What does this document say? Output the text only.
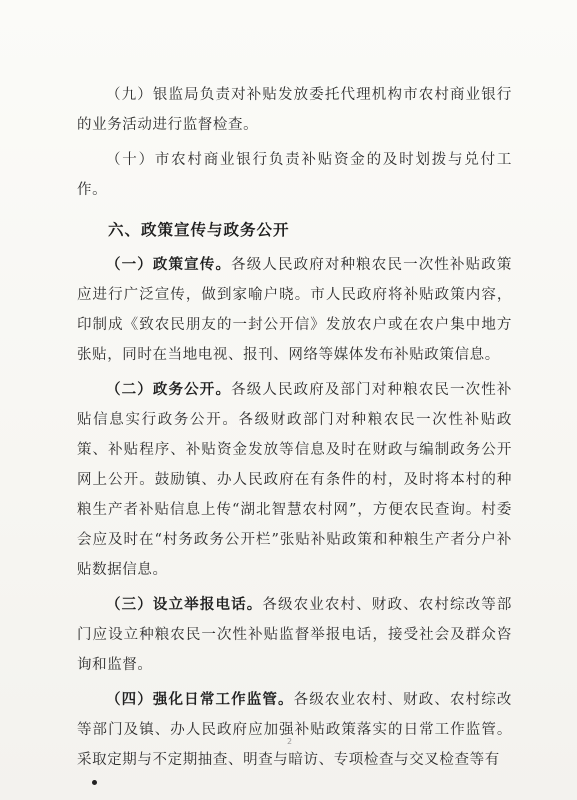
（九）银监局负责对补贴发放委托代理机构市农村商业银行的业务活动进行监督检查。

（十）市农村商业银行负责补贴资金的及时划拨与兑付工作。

六、政策宣传与政务公开

（一）政策宣传。各级人民政府对种粮农民一次性补贴政策应进行广泛宣传，做到家喻户晓。市人民政府将补贴政策内容，印制成《致农民朋友的一封公开信》发放农户或在农户集中地方张贴，同时在当地电视、报刊、网络等媒体发布补贴政策信息。

（二）政务公开。各级人民政府及部门对种粮农民一次性补贴信息实行政务公开。各级财政部门对种粮农民一次性补贴政策、补贴程序、补贴资金发放等信息及时在财政与编制政务公开网上公开。鼓励镇、办人民政府在有条件的村，及时将本村的种粮生产者补贴信息上传“湖北智慧农村网”，方便农民查询。村委会应及时在“村务政务公开栏”张贴补贴政策和种粮生产者分户补贴数据信息。

（三）设立举报电话。各级农业农村、财政、农村综改等部门应设立种粮农民一次性补贴监督举报电话，接受社会及群众咨询和监督。

（四）强化日常工作监管。各级农业农村、财政、农村综改等部门及镇、办人民政府应加强补贴政策落实的日常工作监管。采取定期与不定期抽查、明查与暗访、专项检查与交叉检查等有

2
